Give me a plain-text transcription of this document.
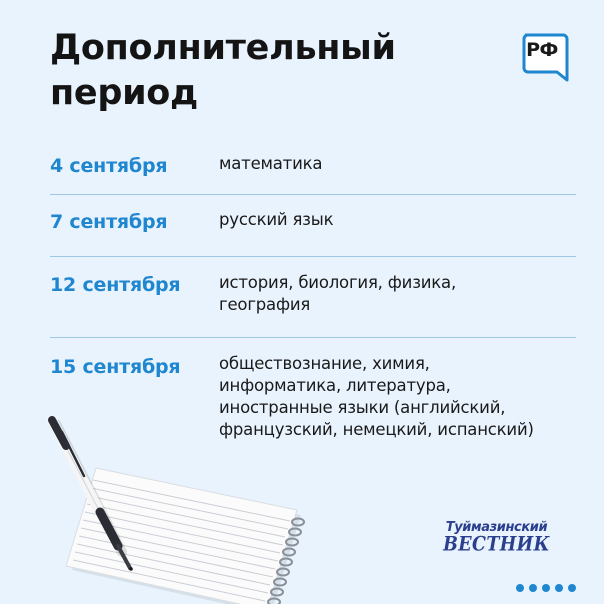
Дополнительный
период
РФ
4 сентября	математика
7 сентября	русский язык
12 сентября история, биология, физика,
география
15 сентября обществознание, химия,
информатика, литература,
иностранные языки (английский,
французский, немецкий, испанский)
Туймазинский
ВЕСТНИК
